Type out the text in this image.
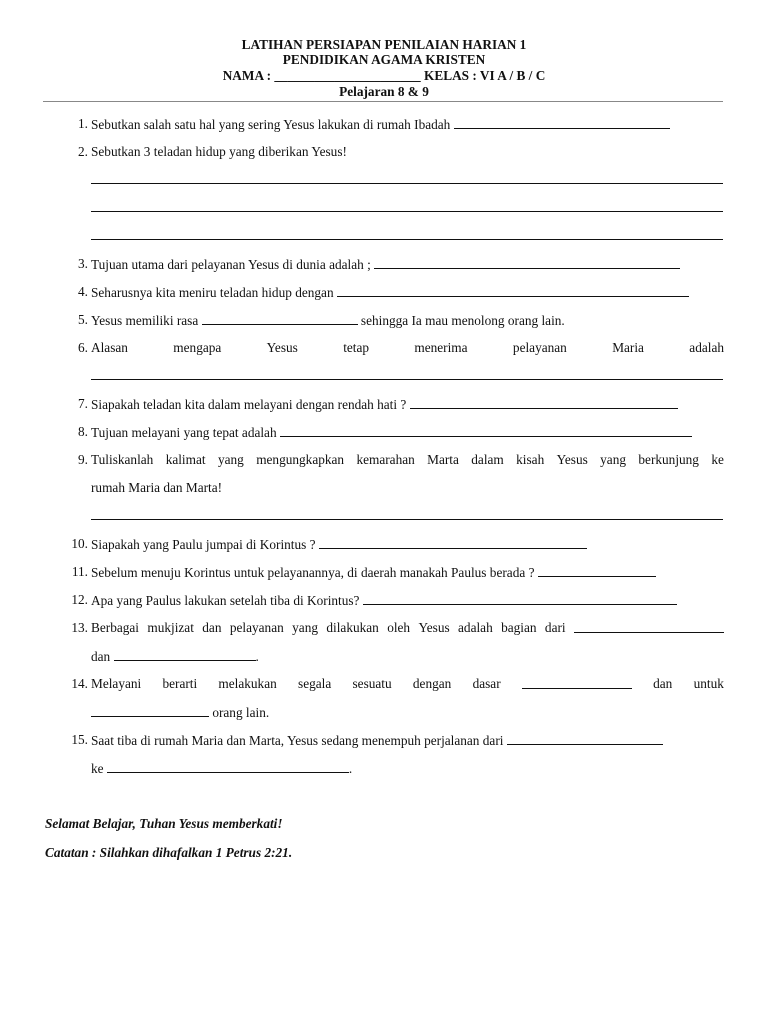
LATIHAN PERSIAPAN PENILAIAN HARIAN 1
PENDIDIKAN AGAMA KRISTEN
NAMA : ______________________ KELAS : VI A / B / C
Pelajaran 8 & 9
1. Sebutkan salah satu hal yang sering Yesus lakukan di rumah Ibadah
2. Sebutkan 3 teladan hidup yang diberikan Yesus!
3. Tujuan utama dari pelayanan Yesus di dunia adalah ;
4. Seharusnya kita meniru teladan hidup dengan
5. Yesus memiliki rasa	sehingga Ia mau menolong orang lain.
6. Alasan	mengapa	Yesus	tetap	menerima	pelayanan	Maria	adalah
7. Siapakah teladan kita dalam melayani dengan rendah hati ?
8. Tujuan melayani yang tepat adalah
9. Tuliskanlah kalimat yang mengungkapkan kemarahan Marta dalam kisah Yesus yang berkunjung ke
rumah Maria dan Marta!
10. Siapakah yang Paulu jumpai di Korintus ?
11. Sebelum menuju Korintus untuk pelayanannya, di daerah manakah Paulus berada ?
12. Apa yang Paulus lakukan setelah tiba di Korintus?
13. Berbagai mukjizat dan pelayanan yang dilakukan oleh Yesus adalah bagian dari
dan	.
14. Melayani berarti melakukan segala sesuatu dengan dasar	dan untuk
orang lain.
15. Saat tiba di rumah Maria dan Marta, Yesus sedang menempuh perjalanan dari
ke	.
Selamat Belajar, Tuhan Yesus memberkati!
Catatan : Silahkan dihafalkan 1 Petrus 2:21.
